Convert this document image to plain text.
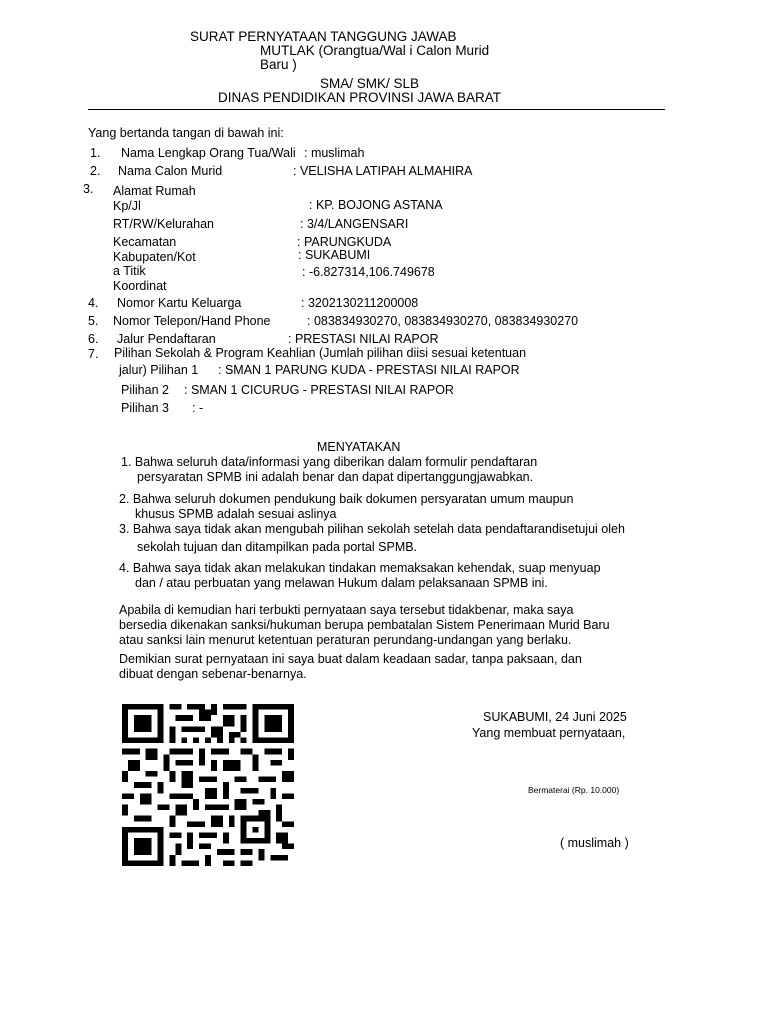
SURAT PERNYATAAN TANGGUNG JAWAB
MUTLAK (Orangtua/Wal i Calon Murid
Baru )
SMA/ SMK/ SLB
DINAS PENDIDIKAN PROVINSI JAWA BARAT
Yang bertanda tangan di bawah ini:
1. Nama Lengkap Orang Tua/Wali : muslimah
2. Nama Calon Murid	: VELISHA LATIPAH ALMAHIRA
3. Alamat Rumah
Kp/Jl	: KP. BOJONG ASTANA
RT/RW/Kelurahan	: 3/4/LANGENSARI
Kecamatan	: PARUNGKUDA
Kabupaten/Kot	: SUKABUMI
a Titik	: -6.827314,106.749678
Koordinat
4. Nomor Kartu Keluarga	: 3202130211200008
5. Nomor Telepon/Hand Phone	: 083834930270, 083834930270, 083834930270
6. Jalur Pendaftaran	: PRESTASI NILAI RAPOR
7. Pilihan Sekolah & Program Keahlian (Jumlah pilihan diisi sesuai ketentuan
jalur) Pilihan 1 : SMAN 1 PARUNG KUDA - PRESTASI NILAI RAPOR
Pilihan 2 : SMAN 1 CICURUG - PRESTASI NILAI RAPOR
Pilihan 3 : -
MENYATAKAN
1. Bahwa seluruh data/informasi yang diberikan dalam formulir pendaftaran
persyaratan SPMB ini adalah benar dan dapat dipertanggungjawabkan.
2. Bahwa seluruh dokumen pendukung baik dokumen persyaratan umum maupun
khusus SPMB adalah sesuai aslinya
3. Bahwa saya tidak akan mengubah pilihan sekolah setelah data pendaftarandisetujui oleh
sekolah tujuan dan ditampilkan pada portal SPMB.
4. Bahwa saya tidak akan melakukan tindakan memaksakan kehendak, suap menyuap
dan / atau perbuatan yang melawan Hukum dalam pelaksanaan SPMB ini.
Apabila di kemudian hari terbukti pernyataan saya tersebut tidakbenar, maka saya
bersedia dikenakan sanksi/hukuman berupa pembatalan Sistem Penerimaan Murid Baru
atau sanksi lain menurut ketentuan peraturan perundang-undangan yang berlaku.
Demikian surat pernyataan ini saya buat dalam keadaan sadar, tanpa paksaan, dan
dibuat dengan sebenar-benarnya.
SUKABUMI, 24 Juni 2025
Yang membuat pernyataan,
Bermaterai (Rp. 10.000)
( muslimah )
